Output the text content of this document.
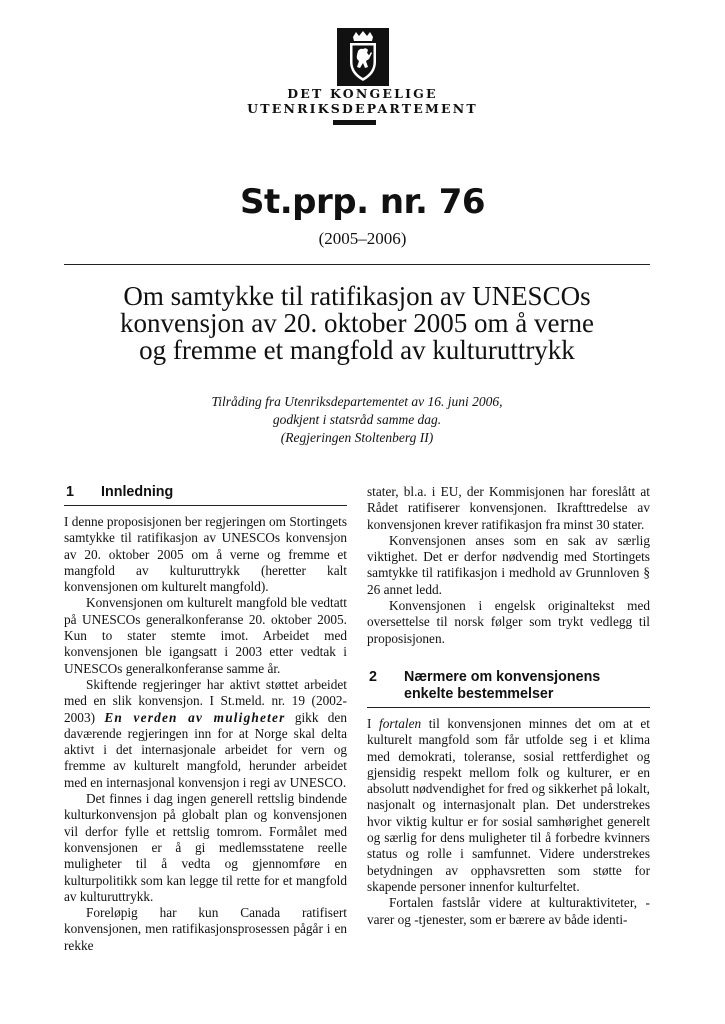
DET KONGELIGE
UTENRIKSDEPARTEMENT
St.prp. nr. 76
(2005–2006)
Om samtykke til ratifikasjon av UNESCOs
konvensjon av 20. oktober 2005 om å verne
og fremme et mangfold av kulturuttrykk
Tilråding fra Utenriksdepartementet av 16. juni 2006,
godkjent i statsråd samme dag.
(Regjeringen Stoltenberg II)
1 Innledning

I denne proposisjonen ber regjeringen om Stortingets samtykke til ratifikasjon av UNESCOs konvensjon av 20. oktober 2005 om å verne og fremme et mangfold av kulturuttrykk (heretter kalt konvensjonen om kulturelt mangfold).

Konvensjonen om kulturelt mangfold ble vedtatt på UNESCOs generalkonferanse 20. oktober 2005. Kun to stater stemte imot. Arbeidet med konvensjonen ble igangsatt i 2003 etter vedtak i UNESCOs generalkonferanse samme år.

Skiftende regjeringer har aktivt støttet arbeidet med en slik konvensjon. I St.meld. nr. 19 (2002-2003) En verden av muligheter gikk den daværende regjeringen inn for at Norge skal delta aktivt i det internasjonale arbeidet for vern og fremme av kulturelt mangfold, herunder arbeidet med en internasjonal konvensjon i regi av UNESCO.

Det finnes i dag ingen generell rettslig bindende kulturkonvensjon på globalt plan og konvensjonen vil derfor fylle et rettslig tomrom. Formålet med konvensjonen er å gi medlemsstatene reelle muligheter til å vedta og gjennomføre en kulturpolitikk som kan legge til rette for et mangfold av kulturuttrykk.

Foreløpig har kun Canada ratifisert konvensjonen, men ratifikasjonsprosessen pågår i en rekke

stater, bl.a. i EU, der Kommisjonen har foreslått at Rådet ratifiserer konvensjonen. Ikrafttredelse av konvensjonen krever ratifikasjon fra minst 30 stater.

Konvensjonen anses som en sak av særlig viktighet. Det er derfor nødvendig med Stortingets samtykke til ratifikasjon i medhold av Grunnloven § 26 annet ledd.

Konvensjonen i engelsk originaltekst med oversettelse til norsk følger som trykt vedlegg til proposisjonen.

2 Nærmere om konvensjonens
enkelte bestemmelser

I fortalen til konvensjonen minnes det om at et kulturelt mangfold som får utfolde seg i et klima med demokrati, toleranse, sosial rettferdighet og gjensidig respekt mellom folk og kulturer, er en absolutt nødvendighet for fred og sikkerhet på lokalt, nasjonalt og internasjonalt plan. Det understrekes hvor viktig kultur er for sosial samhørighet generelt og særlig for dens muligheter til å forbedre kvinners status og rolle i samfunnet. Videre understrekes betydningen av opphavsretten som støtte for skapende personer innenfor kulturfeltet.

Fortalen fastslår videre at kulturaktiviteter, -varer og -tjenester, som er bærere av både identi-
